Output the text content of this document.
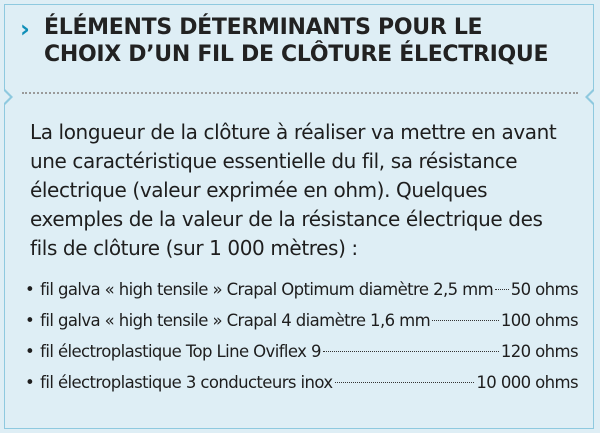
› ÉLÉMENTS DÉTERMINANTS POUR LE
CHOIX D’UN FIL DE CLÔTURE ÉLECTRIQUE
La longueur de la clôture à réaliser va mettre en avant une caractéristique essentielle du fil, sa résistance électrique (valeur exprimée en ohm). Quelques exemples de la valeur de la résistance électrique des fils de clôture (sur 1 000 mètres) :
• fil galva « high tensile » Crapal Optimum diamètre 2,5 mm 50 ohms
• fil galva « high tensile » Crapal 4 diamètre 1,6 mm	100 ohms
• fil électroplastique Top Line Oviflex 9	120 ohms
• fil électroplastique 3 conducteurs inox	10 000 ohms
